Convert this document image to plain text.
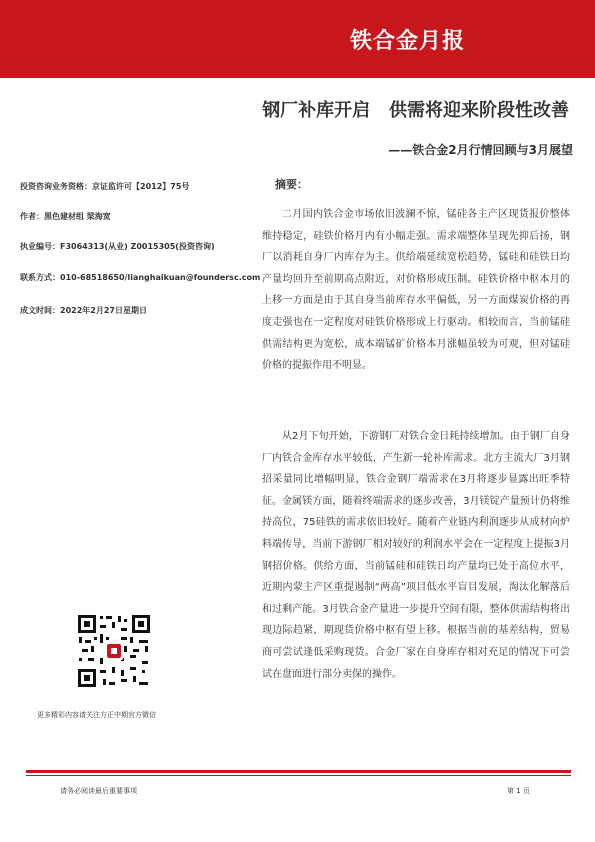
铁合金月报
钢厂补库开启   供需将迎来阶段性改善
——铁合金2月行情回顾与3月展望
投资咨询业务资格：京证监许可【2012】75号
作者：黑色建材组 梁海宽
执业编号：F3064313(从业) Z0015305(投资咨询)
联系方式：010-68518650/lianghaikuan@foundersc.com
成文时间：2022年2月27日星期日
摘要：

二月国内铁合金市场依旧波澜不惊，锰硅各主产区现货报价整体维持稳定，硅铁价格月内有小幅走强。需求端整体呈现先抑后扬，钢厂以消耗自身厂内库存为主。供给端延续宽松趋势，锰硅和硅铁日均产量均回升至前期高点附近，对价格形成压制。硅铁价格中枢本月的上移一方面是由于其自身当前库存水平偏低，另一方面煤炭价格的再度走强也在一定程度对硅铁价格形成上行驱动。相较而言，当前锰硅供需结构更为宽松，成本端锰矿价格本月涨幅虽较为可观，但对锰硅价格的提振作用不明显。

从2月下旬开始，下游钢厂对铁合金日耗持续增加。由于钢厂自身厂内铁合金库存水平较低，产生新一轮补库需求。北方主流大厂3月钢招采量同比增幅明显，铁合金钢厂端需求在3月将逐步显露出旺季特征。金属镁方面，随着终端需求的逐步改善，3月镁锭产量预计仍将维持高位，75硅铁的需求依旧较好。随着产业链内利润逐步从成材向炉料端传导，当前下游钢厂相对较好的利润水平会在一定程度上提振3月钢招价格。供给方面，当前锰硅和硅铁日均产量均已处于高位水平，近期内蒙主产区重提遏制“两高”项目低水平盲目发展，淘汰化解落后和过剩产能。3月铁合金产量进一步提升空间有限，整体供需结构将出现边际趋紧，期现货价格中枢有望上移。根据当前的基差结构，贸易商可尝试逢低采购现货。合金厂家在自身库存相对充足的情况下可尝试在盘面进行部分卖保的操作。

更多精彩内容请关注方正中期官方微信
请务必阅读最后重要事项	第 1 页
